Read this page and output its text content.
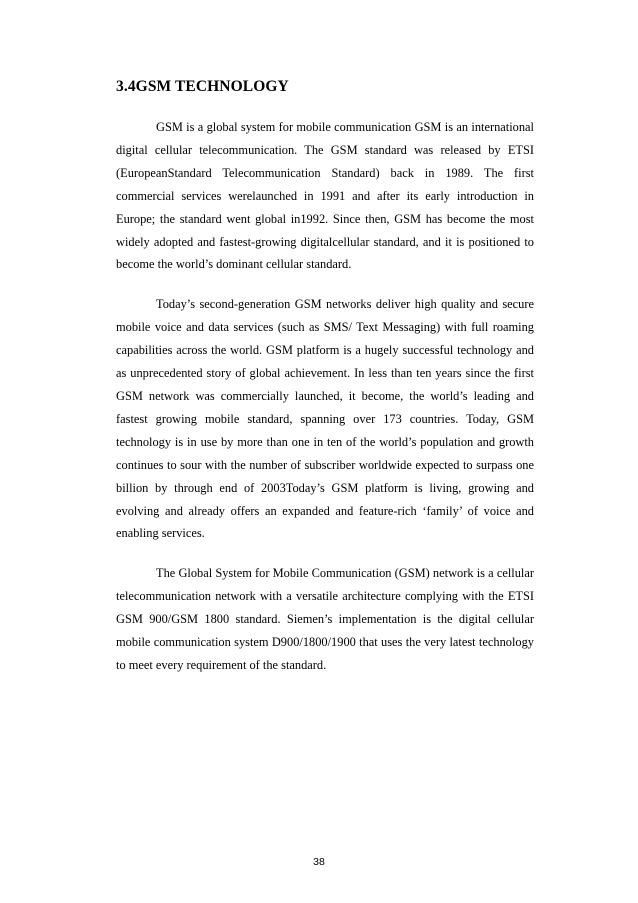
3.4GSM TECHNOLOGY

GSM is a global system for mobile communication GSM is an international digital cellular telecommunication. The GSM standard was released by ETSI (EuropeanStandard Telecommunication Standard) back in 1989. The first commercial services werelaunched in 1991 and after its early introduction in Europe; the standard went global in1992. Since then, GSM has become the most widely adopted and fastest-growing digitalcellular standard, and it is positioned to become the world’s dominant cellular standard.

Today’s second-generation GSM networks deliver high quality and secure mobile voice and data services (such as SMS/ Text Messaging) with full roaming capabilities across the world. GSM platform is a hugely successful technology and as unprecedented story of global achievement. In less than ten years since the first GSM network was commercially launched, it become, the world’s leading and fastest growing mobile standard, spanning over 173 countries. Today, GSM technology is in use by more than one in ten of the world’s population and growth continues to sour with the number of subscriber worldwide expected to surpass one billion by through end of 2003Today’s GSM platform is living, growing and evolving and already offers an expanded and feature-rich ‘family’ of voice and enabling services.

The Global System for Mobile Communication (GSM) network is a cellular telecommunication network with a versatile architecture complying with the ETSI GSM 900/GSM 1800 standard. Siemen’s implementation is the digital cellular mobile communication system D900/1800/1900 that uses the very latest technology to meet every requirement of the standard.

38
